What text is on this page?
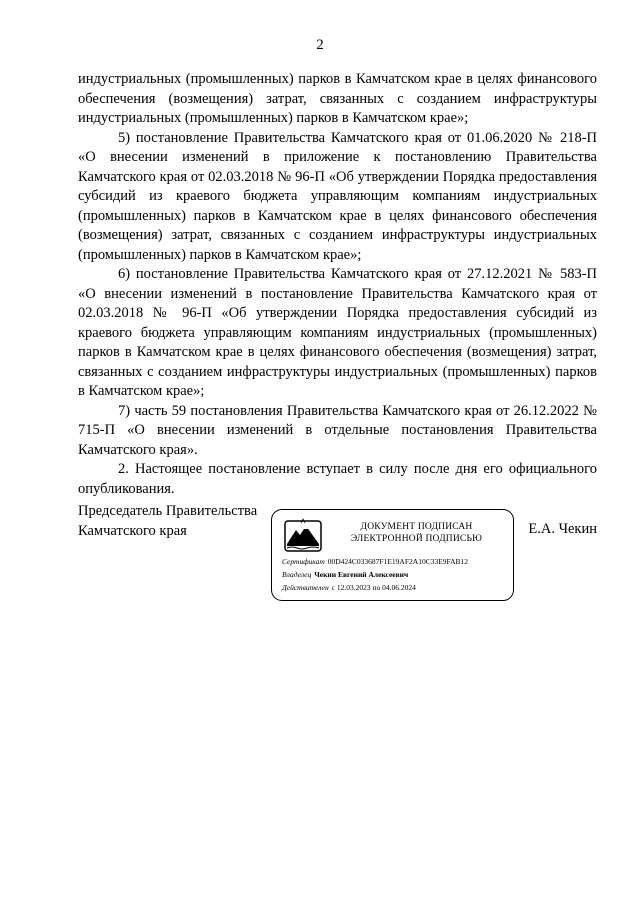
2

индустриальных (промышленных) парков в Камчатском крае в целях финансового обеспечения (возмещения) затрат, связанных с созданием инфраструктуры индустриальных (промышленных) парков в Камчатском крае»;

5) постановление Правительства Камчатского края от 01.06.2020 № 218-П «О внесении изменений в приложение к постановлению Правительства Камчатского края от 02.03.2018 № 96-П «Об утверждении Порядка предоставления субсидий из краевого бюджета управляющим компаниям индустриальных (промышленных) парков в Камчатском крае в целях финансового обеспечения (возмещения) затрат, связанных с созданием инфраструктуры индустриальных (промышленных) парков в Камчатском крае»;

6) постановление Правительства Камчатского края от 27.12.2021 № 583-П «О внесении изменений в постановление Правительства Камчатского края от 02.03.2018 № 96-П «Об утверждении Порядка предоставления субсидий из краевого бюджета управляющим компаниям индустриальных (промышленных) парков в Камчатском крае в целях финансового обеспечения (возмещения) затрат, связанных с созданием инфраструктуры индустриальных (промышленных) парков в Камчатском крае»;

7) часть 59 постановления Правительства Камчатского края от 26.12.2022 № 715-П «О внесении изменений в отдельные постановления Правительства Камчатского края».

2. Настоящее постановление вступает в силу после дня его официального опубликования.

Председатель Правительства
Камчатского края	ДОКУМЕНТ ПОДПИСАН
ЭЛЕКТРОННОЙ ПОДПИСЬЮ
Сертификат 00D424C033687F1E19AF2A10C33E9FAB12
Владелец Чекин Евгений Алексеевич
Действителен с 12.03.2023 по 04.06.2024
Е.А. Чекин
